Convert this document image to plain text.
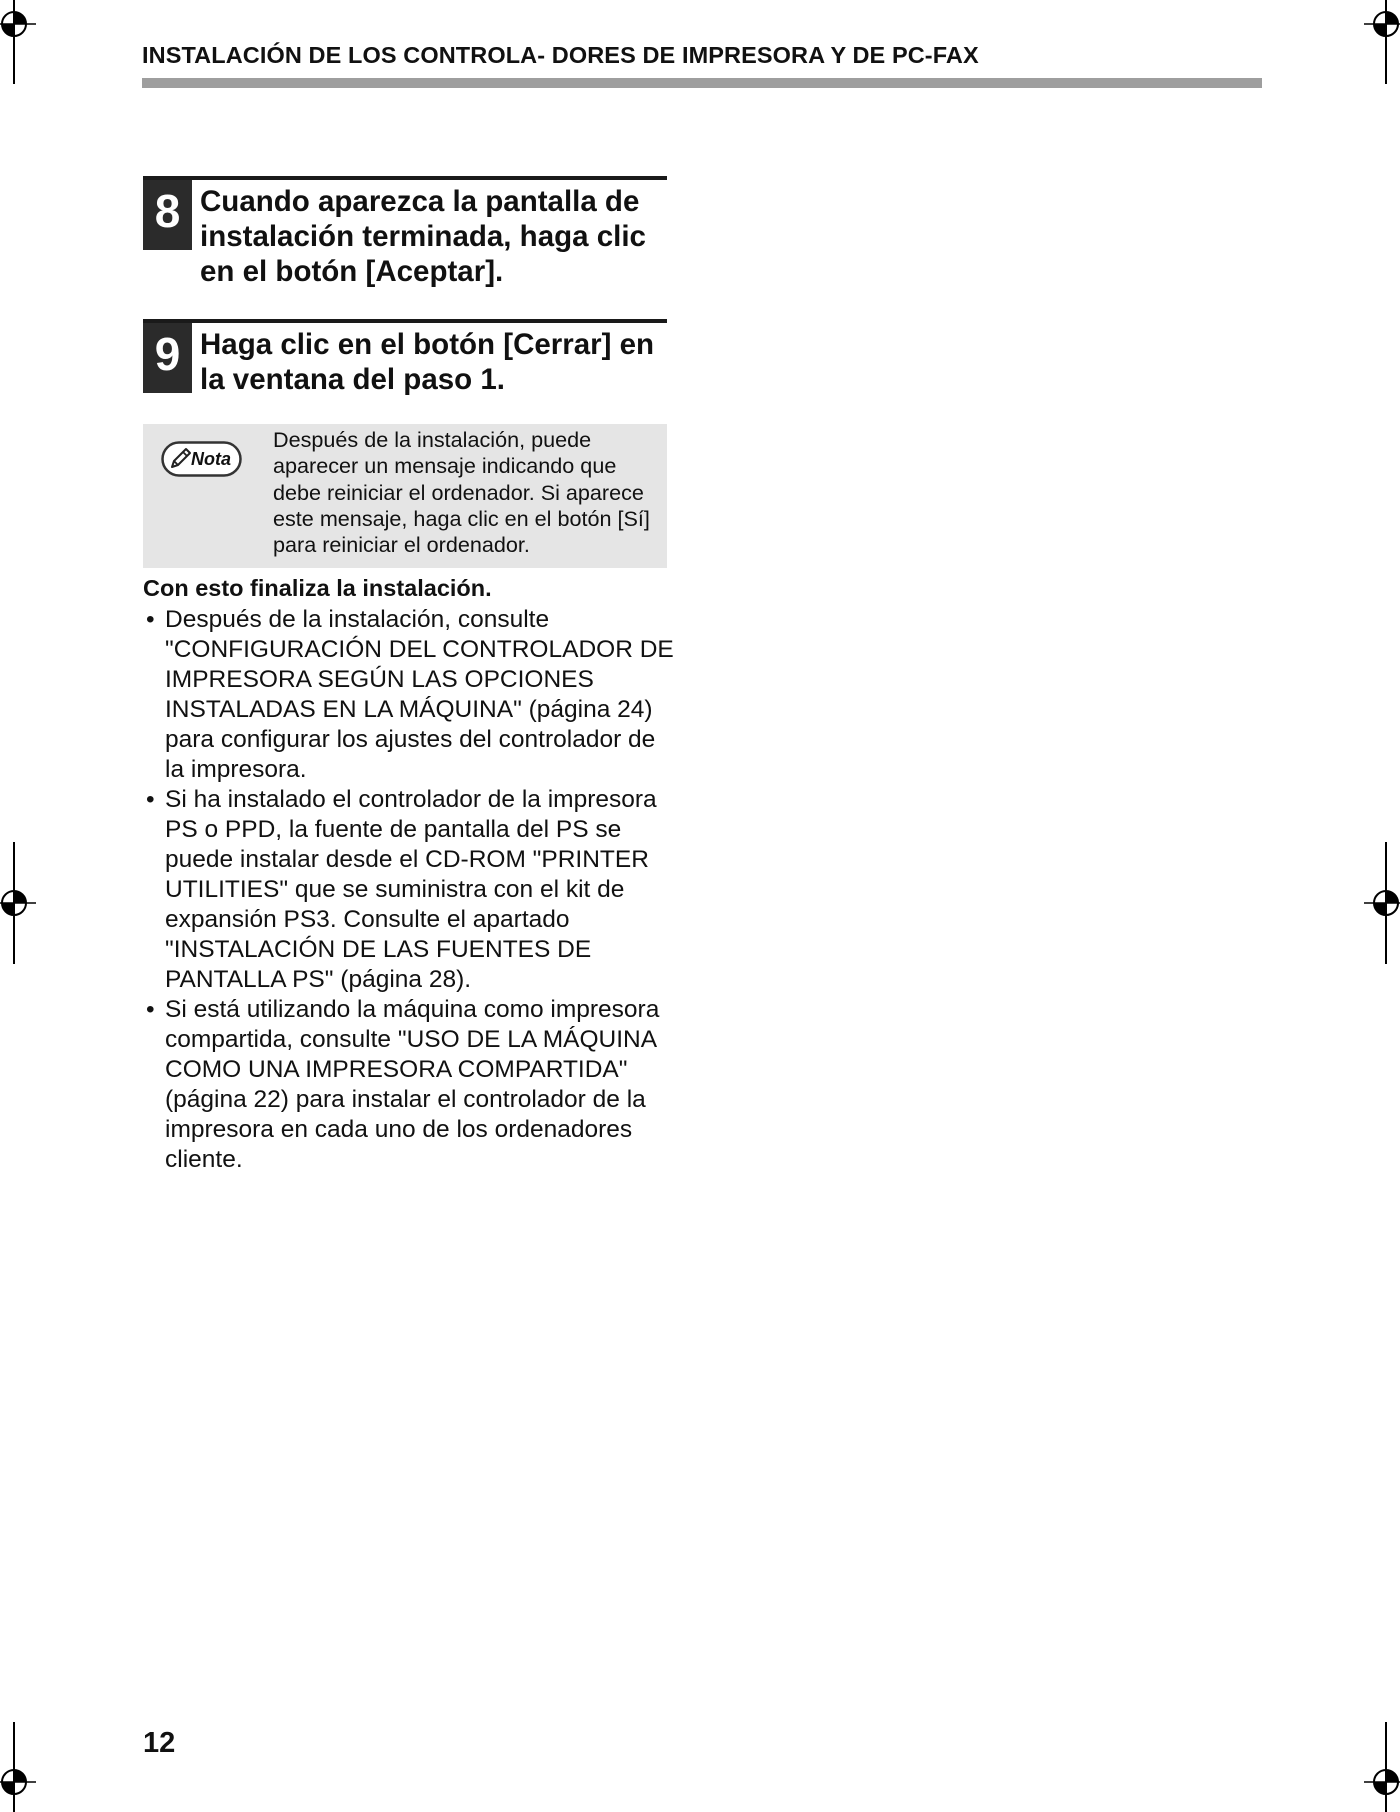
INSTALACIÓN DE LOS CONTROLA- DORES DE IMPRESORA Y DE PC-FAX
8 Cuando aparezca la pantalla de instalación terminada, haga clic en el botón [Aceptar].
9 Haga clic en el botón [Cerrar] en la ventana del paso 1.
Nota
Después de la instalación, puede aparecer un mensaje indicando que debe reiniciar el ordenador. Si aparece este mensaje, haga clic en el botón [Sí] para reiniciar el ordenador.
Con esto finaliza la instalación.
• Después de la instalación, consulte "CONFIGURACIÓN DEL CONTROLADOR DE IMPRESORA SEGÚN LAS OPCIONES INSTALADAS EN LA MÁQUINA" (página 24) para configurar los ajustes del controlador de la impresora.
• Si ha instalado el controlador de la impresora PS o PPD, la fuente de pantalla del PS se puede instalar desde el CD-ROM "PRINTER UTILITIES" que se suministra con el kit de expansión PS3. Consulte el apartado "INSTALACIÓN DE LAS FUENTES DE PANTALLA PS" (página 28).
• Si está utilizando la máquina como impresora compartida, consulte "USO DE LA MÁQUINA COMO UNA IMPRESORA COMPARTIDA" (página 22) para instalar el controlador de la impresora en cada uno de los ordenadores cliente.
12
